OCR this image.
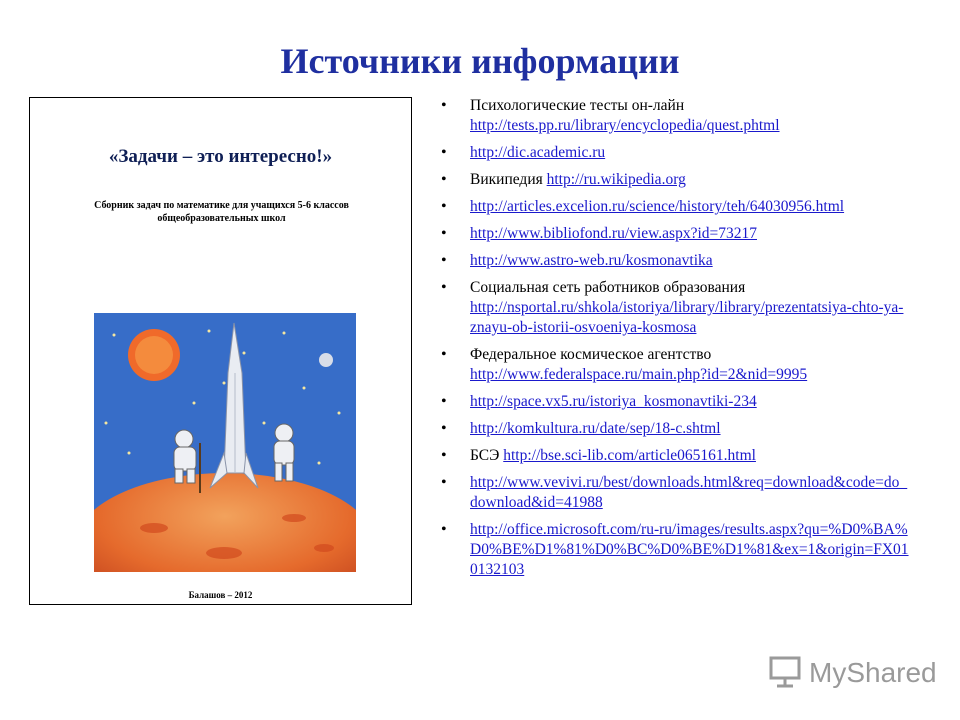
Источники информации
«Задачи – это интересно!»
Сборник задач по математике для учащихся 5-6 классов общеобразовательных школ
Балашов – 2012
• Психологические тесты он-лайн
http://tests.pp.ru/library/encyclopedia/quest.phtml
• http://dic.academic.ru
• Википедия http://ru.wikipedia.org
• http://articles.excelion.ru/science/history/teh/64030956.html
• http://www.bibliofond.ru/view.aspx?id=73217
• http://www.astro-web.ru/kosmonavtika
• Социальная сеть работников образования
http://nsportal.ru/shkola/istoriya/library/library/prezentatsiya-chto-ya-znayu-ob-istorii-osvoeniya-kosmosa
• Федеральное космическое агентство
http://www.federalspace.ru/main.php?id=2&nid=9995
• http://space.vx5.ru/istoriya_kosmonavtiki-234
• http://komkultura.ru/date/sep/18-c.shtml
• БСЭ http://bse.sci-lib.com/article065161.html
• http://www.vevivi.ru/best/downloads.html&req=download&code=do_download&id=41988
• http://office.microsoft.com/ru-ru/images/results.aspx?qu=%D0%BA%D0%BE%D1%81%D0%BC%D0%BE%D1%81&ex=1&origin=FX010132103
MyShared
